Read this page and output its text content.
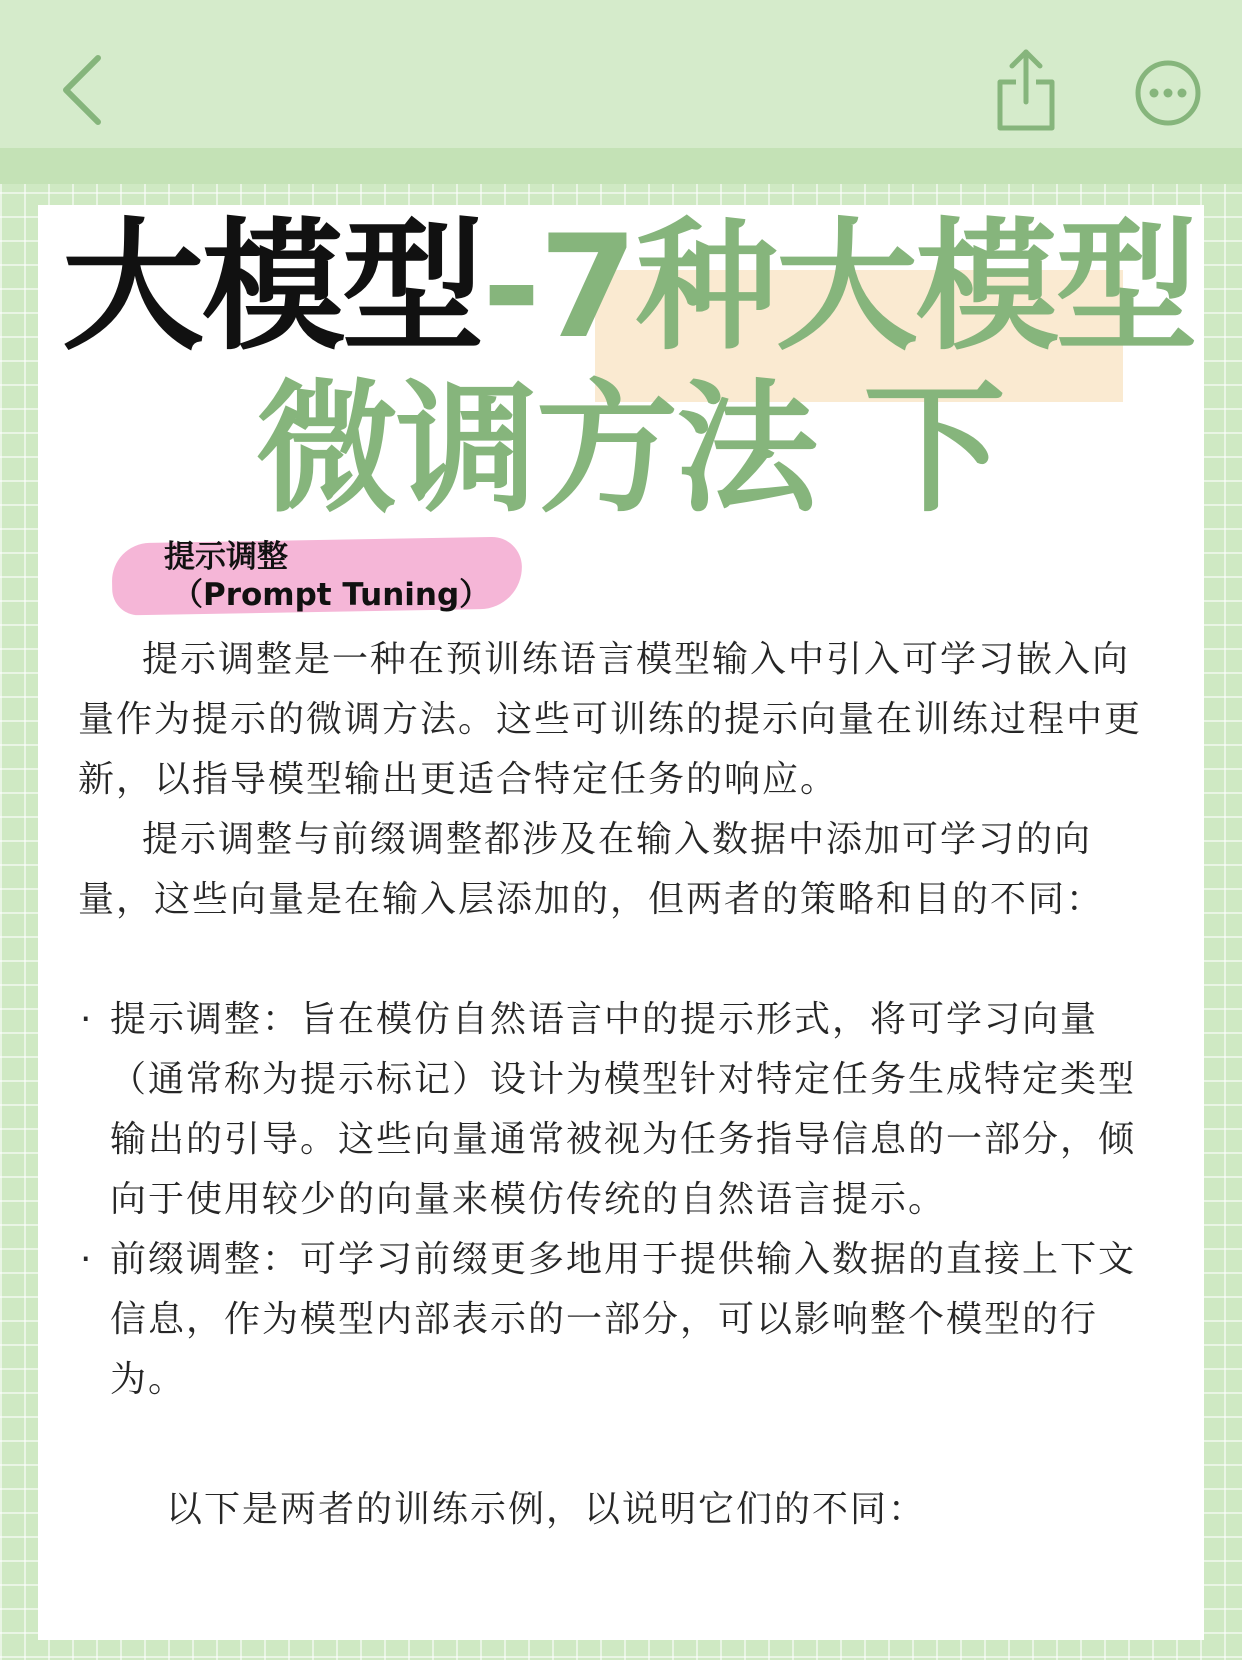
大模型-7种大模型
微调方法 下
提示调整
（Prompt Tuning）

提示调整是一种在预训练语言模型输入中引入可学习嵌入向量作为提示的微调方法。这些可训练的提示向量在训练过程中更新，以指导模型输出更适合特定任务的响应。

提示调整与前缀调整都涉及在输入数据中添加可学习的向量，这些向量是在输入层添加的，但两者的策略和目的不同：

· 提示调整：旨在模仿自然语言中的提示形式，将可学习向量（通常称为提示标记）设计为模型针对特定任务生成特定类型输出的引导。这些向量通常被视为任务指导信息的一部分，倾向于使用较少的向量来模仿传统的自然语言提示。
· 前缀调整：可学习前缀更多地用于提供输入数据的直接上下文信息，作为模型内部表示的一部分，可以影响整个模型的行为。

以下是两者的训练示例，以说明它们的不同：
